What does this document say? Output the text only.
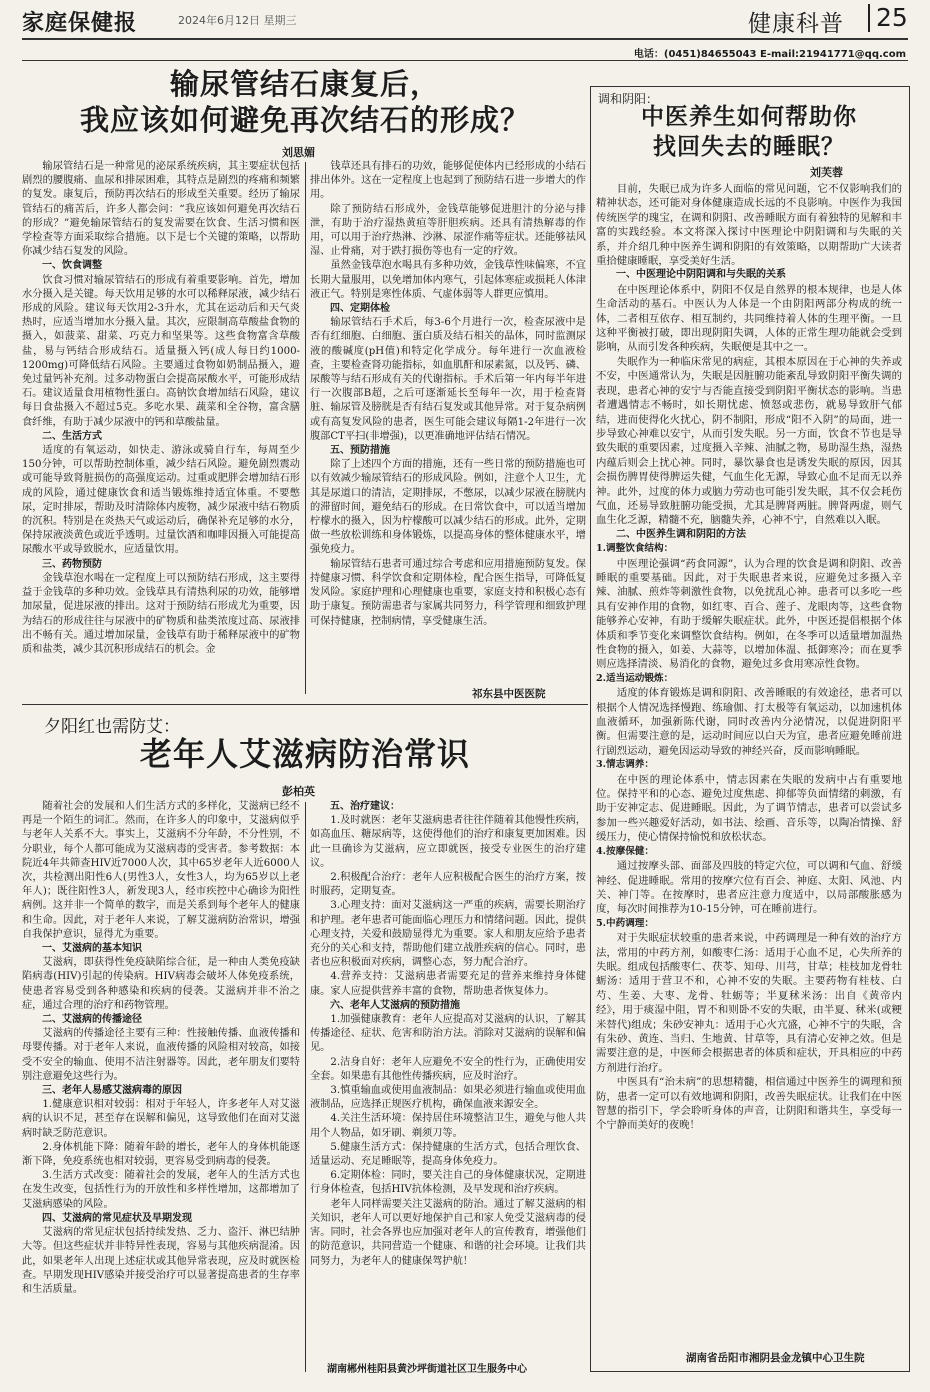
家庭保健报	2024年6月12日 星期三	健康科普	25
电话：(0451)84655043 E-mail:21941771@qq.com
输尿管结石康复后，
我应该如何避免再次结石的形成？
刘思媚

输尿管结石是一种常见的泌尿系统疾病，其主要症状包括剧烈的腰腹痛、血尿和排尿困难，其特点是剧烈的疼痛和频繁的复发。康复后，预防再次结石的形成至关重要。经历了输尿管结石的痛苦后，许多人都会问：“我应该如何避免再次结石的形成？”避免输尿管结石的复发需要在饮食、生活习惯和医学检查等方面采取综合措施。以下是七个关键的策略，以帮助你减少结石复发的风险。

一、饮食调整

饮食习惯对输尿管结石的形成有着重要影响。首先，增加水分摄入是关键。每天饮用足够的水可以稀释尿液，减少结石形成的风险。建议每天饮用2-3升水，尤其在运动后和天气炎热时，应适当增加水分摄入量。其次，应限制高草酸盐食物的摄入，如菠菜、甜菜、巧克力和坚果等。这些食物富含草酸盐，易与钙结合形成结石。适量摄入钙(成人每日约1000-1200mg)可降低结石风险。主要通过食物如奶制品摄入，避免过量钙补充剂。过多动物蛋白会提高尿酸水平，可能形成结石。建议适量食用植物性蛋白。高钠饮食增加结石风险，建议每日食盐摄入不超过5克。多吃水果、蔬菜和全谷物，富含膳食纤维，有助于减少尿液中的钙和草酸盐量。

二、生活方式

适度的有氧运动，如快走、游泳或骑自行车，每周至少150分钟，可以帮助控制体重，减少结石风险。避免剧烈震动或可能导致肾脏损伤的高强度运动。过重或肥胖会增加结石形成的风险，通过健康饮食和适当锻炼维持适宜体重。不要憋尿，定时排尿，帮助及时清除体内废物，减少尿液中结石物质的沉积。特别是在炎热天气或运动后，确保补充足够的水分，保持尿液淡黄色或近乎透明。过量饮酒和咖啡因摄入可能提高尿酸水平或导致脱水，应适量饮用。

三、药物预防

金钱草泡水喝在一定程度上可以预防结石形成，这主要得益于金钱草的多种功效。金钱草具有清热利尿的功效，能够增加尿量，促进尿液的排出。这对于预防结石形成尤为重要，因为结石的形成往往与尿液中的矿物质和盐类浓度过高、尿液排出不畅有关。通过增加尿量，金钱草有助于稀释尿液中的矿物质和盐类，减少其沉积形成结石的机会。金

钱草还具有排石的功效，能够促使体内已经形成的小结石排出体外。这在一定程度上也起到了预防结石进一步增大的作用。

除了预防结石形成外，金钱草能够促进胆汁的分泌与排泄，有助于治疗湿热黄疸等肝胆疾病。还具有清热解毒的作用，可以用于治疗热淋、沙淋、尿涩作痛等症状。还能够祛风湿、止骨痛，对于跌打损伤等也有一定的疗效。

虽然金钱草泡水喝具有多种功效，金钱草性味偏寒，不宜长期大量服用，以免增加体内寒气，引起体寒症或损耗人体津液正气。特别是寒性体质、气虚体弱等人群更应慎用。

四、定期体检

输尿管结石手术后，每3-6个月进行一次，检查尿液中是否有红细胞、白细胞、蛋白质及结石相关的晶体，同时监测尿液的酸碱度(pH值)和特定化学成分。每年进行一次血液检查，主要检查肾功能指标，如血肌酐和尿素氮，以及钙、磷、尿酸等与结石形成有关的代谢指标。手术后第一年内每半年进行一次腹部B超，之后可逐渐延长至每年一次，用于检查肾脏、输尿管及膀胱是否有结石复发或其他异常。对于复杂病例或有高复发风险的患者，医生可能会建议每隔1-2年进行一次腹部CT平扫(非增强)，以更准确地评估结石情况。

五、预防措施

除了上述四个方面的措施，还有一些日常的预防措施也可以有效减少输尿管结石的形成风险。例如，注意个人卫生，尤其是尿道口的清洁，定期排尿，不憋尿，以减少尿液在膀胱内的滞留时间，避免结石的形成。在日常饮食中，可以适当增加柠檬水的摄入，因为柠檬酸可以减少结石的形成。此外，定期做一些放松训练和身体锻炼，以提高身体的整体健康水平，增强免疫力。

输尿管结石患者可通过综合考虑和应用措施预防复发。保持健康习惯、科学饮食和定期体检，配合医生指导，可降低复发风险。家庭护理和心理健康也重要，家庭支持和积极心态有助于康复。预防需患者与家属共同努力，科学管理和细致护理可保持健康，控制病情，享受健康生活。

祁东县中医医院
夕阳红也需防艾：
老年人艾滋病防治常识
彭柏英

随着社会的发展和人们生活方式的多样化，艾滋病已经不再是一个陌生的词汇。然而，在许多人的印象中，艾滋病似乎与老年人关系不大。事实上，艾滋病不分年龄，不分性别，不分职业，每个人都可能成为艾滋病毒的受害者。参考数据：本院近4年共筛查HIV近7000人次，其中65岁老年人近6000人次，共检测出阳性6人(男性3人，女性3人，均为65岁以上老年人)；既往阳性3人，新发现3人，经市疾控中心确诊为阳性病例。这并非一个简单的数字，而是关系到每个老年人的健康和生命。因此，对于老年人来说，了解艾滋病防治常识，增强自我保护意识，显得尤为重要。

一、艾滋病的基本知识

艾滋病，即获得性免疫缺陷综合征，是一种由人类免疫缺陷病毒(HIV)引起的传染病。HIV病毒会破坏人体免疫系统，使患者容易受到各种感染和疾病的侵袭。艾滋病并非不治之症，通过合理的治疗和药物管理。

二、艾滋病的传播途径

艾滋病的传播途径主要有三种：性接触传播、血液传播和母婴传播。对于老年人来说，血液传播的风险相对较高，如接受不安全的输血、使用不洁注射器等。因此，老年朋友们要特别注意避免这些行为。

三、老年人易感艾滋病毒的原因

1.健康意识相对较弱：相对于年轻人，许多老年人对艾滋病的认识不足，甚至存在误解和偏见，这导致他们在面对艾滋病时缺乏防范意识。

2.身体机能下降：随着年龄的增长，老年人的身体机能逐渐下降，免疫系统也相对较弱，更容易受到病毒的侵袭。

3.生活方式改变：随着社会的发展，老年人的生活方式也在发生改变，包括性行为的开放性和多样性增加，这都增加了艾滋病感染的风险。

四、艾滋病的常见症状及早期发现

艾滋病的常见症状包括持续发热、乏力、盗汗、淋巴结肿大等。但这些症状并非特异性表现，容易与其他疾病混淆。因此，如果老年人出现上述症状或其他异常表现，应及时就医检查。早期发现HIV感染并接受治疗可以显著提高患者的生存率和生活质量。

五、治疗建议：

1.及时就医：老年艾滋病患者往往伴随着其他慢性疾病，如高血压、糖尿病等，这使得他们的治疗和康复更加困难。因此一旦确诊为艾滋病，应立即就医，接受专业医生的治疗建议。

2.积极配合治疗：老年人应积极配合医生的治疗方案，按时服药，定期复查。

3.心理支持：面对艾滋病这一严重的疾病，需要长期治疗和护理。老年患者可能面临心理压力和情绪问题。因此，提供心理支持，关爱和鼓励显得尤为重要。家人和朋友应给予患者充分的关心和支持，帮助他们建立战胜疾病的信心。同时，患者也应积极面对疾病，调整心态，努力配合治疗。

4.营养支持：艾滋病患者需要充足的营养来维持身体健康。家人应提供营养丰富的食物，帮助患者恢复体力。

六、老年人艾滋病的预防措施

1.加强健康教育：老年人应提高对艾滋病的认识，了解其传播途径、症状、危害和防治方法。消除对艾滋病的误解和偏见。

2.洁身自好：老年人应避免不安全的性行为，正确使用安全套。如果患有其他性传播疾病，应及时治疗。

3.慎重输血或使用血液制品：如果必须进行输血或使用血液制品，应选择正规医疗机构，确保血液来源安全。

4.关注生活环境：保持居住环境整洁卫生，避免与他人共用个人物品，如牙刷、剃须刀等。

5.健康生活方式：保持健康的生活方式，包括合理饮食、适量运动、充足睡眠等，提高身体免疫力。

6.定期体检：同时，要关注自己的身体健康状况，定期进行身体检查，包括HIV抗体检测，及早发现和治疗疾病。

老年人同样需要关注艾滋病的防治。通过了解艾滋病的相关知识，老年人可以更好地保护自己和家人免受艾滋病毒的侵害。同时，社会各界也应加强对老年人的宣传教育，增强他们的防范意识，共同营造一个健康、和谐的社会环境。让我们共同努力，为老年人的健康保驾护航！

湖南郴州桂阳县黄沙坪街道社区卫生服务中心
调和阴阳：
中医养生如何帮助你
找回失去的睡眠？
刘芙蓉

目前，失眠已成为许多人面临的常见问题，它不仅影响我们的精神状态，还可能对身体健康造成长远的不良影响。中医作为我国传统医学的瑰宝，在调和阴阳、改善睡眠方面有着独特的见解和丰富的实践经验。本文将深入探讨中医理论中阴阳调和与失眠的关系，并介绍几种中医养生调和阴阳的有效策略，以期帮助广大读者重拾健康睡眠，享受美好生活。

一、中医理论中阴阳调和与失眠的关系

在中医理论体系中，阴阳不仅是自然界的根本规律，也是人体生命活动的基石。中医认为人体是一个由阴阳两部分构成的统一体，二者相互依存、相互制约，共同维持着人体的生理平衡。一旦这种平衡被打破，即出现阴阳失调，人体的正常生理功能就会受到影响，从而引发各种疾病，失眠便是其中之一。

失眠作为一种临床常见的病症，其根本原因在于心神的失养或不安，中医通常认为，失眠是因脏腑功能紊乱导致阴阳平衡失调的表现，患者心神的安宁与否能直接受到阴阳平衡状态的影响。当患者遭遇情志不畅时，如长期忧虑、愤怒或悲伤，就易导致肝气郁结，进而使得化火扰心，阴不制阳，形成“阳不入阴”的局面，进一步导致心神难以安宁，从而引发失眠。另一方面，饮食不节也是导致失眠的重要因素，过度摄入辛辣、油腻之物，易助湿生热，湿热内蕴后则会上扰心神。同时，暴饮暴食也是诱发失眠的原因，因其会损伤脾胃使得脾运失健，气血生化无源，导致心血不足而无以养神。此外，过度的体力或脑力劳动也可能引发失眠，其不仅会耗伤气血，还易导致脏腑功能受损，尤其是脾肾两脏。脾肾两虚，则气血生化乏源，精髓不充，脑髓失养，心神不宁，自然难以入眠。

二、中医养生调和阴阳的方法

1.调整饮食结构：

中医理论强调“药食同源”，认为合理的饮食是调和阴阳、改善睡眠的重要基础。因此，对于失眠患者来说，应避免过多摄入辛辣、油腻、煎炸等刺激性食物，以免扰乱心神。患者可以多吃一些具有安神作用的食物，如红枣、百合、莲子、龙眼肉等，这些食物能够养心安神，有助于缓解失眠症状。此外，中医还提倡根据个体体质和季节变化来调整饮食结构。例如，在冬季可以适量增加温热性食物的摄入，如姜、大蒜等，以增加体温、抵御寒冷；而在夏季则应选择清淡、易消化的食物，避免过多食用寒凉性食物。

2.适当运动锻炼：

适度的体育锻炼是调和阴阳、改善睡眠的有效途径，患者可以根据个人情况选择慢跑、练瑜伽、打太极等有氧运动，以加速机体血液循环，加强新陈代谢，同时改善内分泌情况，以促进阴阳平衡。但需要注意的是，运动时间应以白天为宜，患者应避免睡前进行剧烈运动，避免因运动导致的神经兴奋，反而影响睡眠。

3.情志调养：

在中医的理论体系中，情志因素在失眠的发病中占有重要地位。保持平和的心态、避免过度焦虑、抑郁等负面情绪的刺激，有助于安神定志、促进睡眠。因此，为了调节情志，患者可以尝试多参加一些兴趣爱好活动，如书法、绘画、音乐等，以陶冶情操、舒缓压力，使心情保持愉悦和放松状态。

4.按摩保健：

通过按摩头部、面部及四肢的特定穴位，可以调和气血、舒缓神经、促进睡眠。常用的按摩穴位有百会、神庭、太阳、风池、内关、神门等。在按摩时，患者应注意力度适中，以局部酸胀感为度，每次时间推荐为10-15分钟，可在睡前进行。

5.中药调理：

对于失眠症状较重的患者来说，中药调理是一种有效的治疗方法，常用的中药方剂，如酸枣仁汤：适用于心血不足，心失所养的失眠。组成包括酸枣仁、茯苓、知母、川芎，甘草；桂枝加龙骨牡蛎汤：适用于营卫不和，心神不安的失眠。主要药物有桂枝、白芍、生姜、大枣、龙骨、牡蛎等；半夏秫米汤：出自《黄帝内经》，用于痰湿中阻，胃不和则卧不安的失眠，由半夏、秫米(或粳米替代)组成；朱砂安神丸：适用于心火亢盛，心神不宁的失眠，含有朱砂、黄连、当归、生地黄、甘草等，具有清心安神之效。但是需要注意的是，中医师会根据患者的体质和症状，开具相应的中药方剂进行治疗。

中医具有“治未病”的思想精髓，相信通过中医养生的调理和预防，患者一定可以有效地调和阴阳，改善失眠症状。让我们在中医智慧的指引下，学会聆听身体的声音，让阴阳和谐共生，享受每一个宁静而美好的夜晚！

湖南省岳阳市湘阴县金龙镇中心卫生院
